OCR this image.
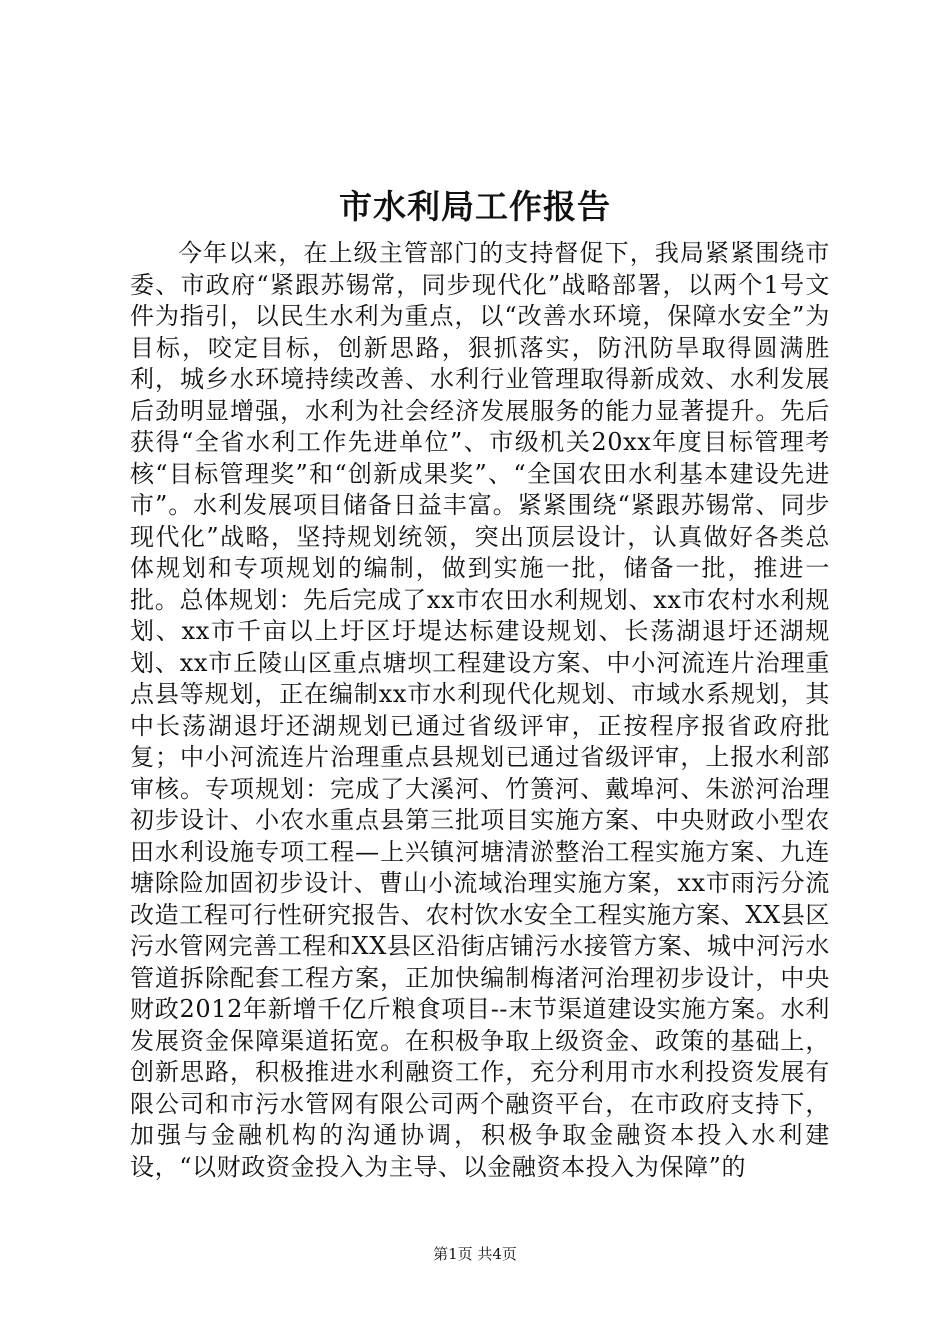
市水利局工作报告

今年以来，在上级主管部门的支持督促下，我局紧紧围绕市委、市政府“紧跟苏锡常，同步现代化”战略部署，以两个1号文件为指引，以民生水利为重点，以“改善水环境，保障水安全”为目标，咬定目标，创新思路，狠抓落实，防汛防旱取得圆满胜利，城乡水环境持续改善、水利行业管理取得新成效、水利发展后劲明显增强，水利为社会经济发展服务的能力显著提升。先后获得“全省水利工作先进单位”、市级机关20xx年度目标管理考核“目标管理奖”和“创新成果奖”、“全国农田水利基本建设先进市”。水利发展项目储备日益丰富。紧紧围绕“紧跟苏锡常、同步现代化”战略，坚持规划统领，突出顶层设计，认真做好各类总体规划和专项规划的编制，做到实施一批，储备一批，推进一批。总体规划：先后完成了xx市农田水利规划、xx市农村水利规划、xx市千亩以上圩区圩堤达标建设规划、长荡湖退圩还湖规划、xx市丘陵山区重点塘坝工程建设方案、中小河流连片治理重点县等规划，正在编制xx市水利现代化规划、市域水系规划，其中长荡湖退圩还湖规划已通过省级评审，正按程序报省政府批复；中小河流连片治理重点县规划已通过省级评审，上报水利部审核。专项规划：完成了大溪河、竹箦河、戴埠河、朱淤河治理初步设计、小农水重点县第三批项目实施方案、中央财政小型农田水利设施专项工程—上兴镇河塘清淤整治工程实施方案、九连塘除险加固初步设计、曹山小流域治理实施方案，xx市雨污分流改造工程可行性研究报告、农村饮水安全工程实施方案、XX县区污水管网完善工程和XX县区沿街店铺污水接管方案、城中河污水管道拆除配套工程方案，正加快编制梅渚河治理初步设计，中央财政2012年新增千亿斤粮食项目--末节渠道建设实施方案。水利发展资金保障渠道拓宽。在积极争取上级资金、政策的基础上，创新思路，积极推进水利融资工作，充分利用市水利投资发展有限公司和市污水管网有限公司两个融资平台，在市政府支持下，加强与金融机构的沟通协调，积极争取金融资本投入水利建设，“以财政资金投入为主导、以金融资本投入为保障”的

第1页 共4页
